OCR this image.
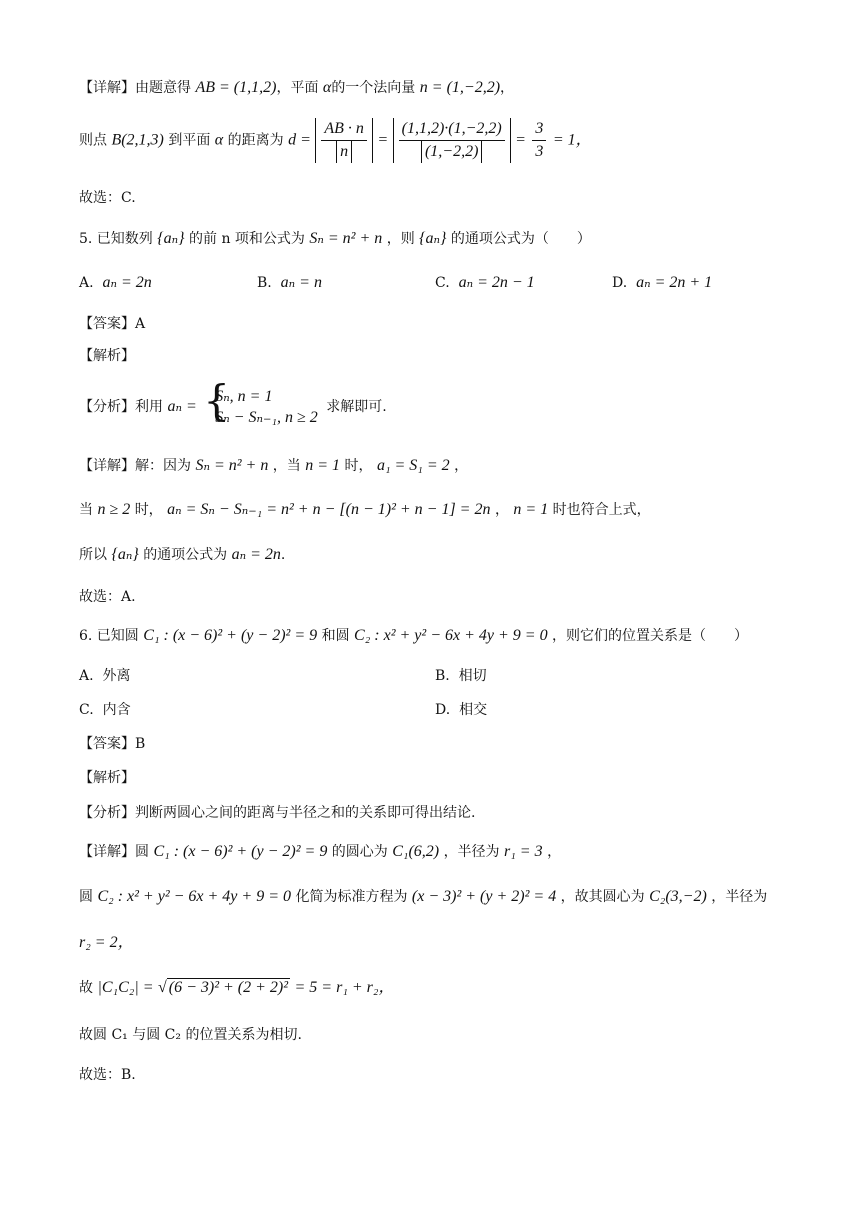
【详解】由题意得 AB = (1,1,2)，平面 α的一个法向量 n = (1,−2,2)，
则点 B(2,1,3) 到平面 α 的距离为 $d = \frac{AB \cdot n}{n} = \frac{(1,1,2)\cdot(1,-2,2)}{(1,-2,2)} = \frac{3}{3} = 1$，
故选：C.
5. 已知数列 {aₙ} 的前 n 项和公式为 Sₙ = n² + n ，则 {aₙ} 的通项公式为（　　）
A. aₙ = 2n	B. aₙ = n	C. aₙ = 2n − 1	D. aₙ = 2n + 1
【答案】A
【解析】
【分析】利用 aₙ =
{ Sₙ, n = 1
Sₙ − Sₙ₋₁, n ≥ 2
求解即可.
【详解】解：因为 Sₙ = n² + n ，当 n = 1 时， a₁ = S₁ = 2 ，
当 n ≥ 2 时， aₙ = Sₙ − Sₙ₋₁ = n² + n − [(n − 1)² + n − 1] = 2n ， n = 1 时也符合上式，
所以 {aₙ} 的通项公式为 aₙ = 2n.
故选：A.
6. 已知圆 C₁ : (x − 6)² + (y − 2)² = 9 和圆 C₂ : x² + y² − 6x + 4y + 9 = 0 ，则它们的位置关系是（　　）
A. 外离	B. 相切
C. 内含	D. 相交
【答案】B
【解析】
【分析】判断两圆心之间的距离与半径之和的关系即可得出结论.
【详解】圆 C₁ : (x − 6)² + (y − 2)² = 9 的圆心为 C₁(6,2) ，半径为 r₁ = 3 ，
圆 C₂ : x² + y² − 6x + 4y + 9 = 0 化简为标准方程为 (x − 3)² + (y + 2)² = 4 ，故其圆心为 C₂(3,−2) ，半径为
r₂ = 2，
故 |C₁C₂| = √ (6 − 3)² + (2 + 2)² = 5 = r₁ + r₂，
故圆 C₁ 与圆 C₂ 的位置关系为相切.
故选：B.
